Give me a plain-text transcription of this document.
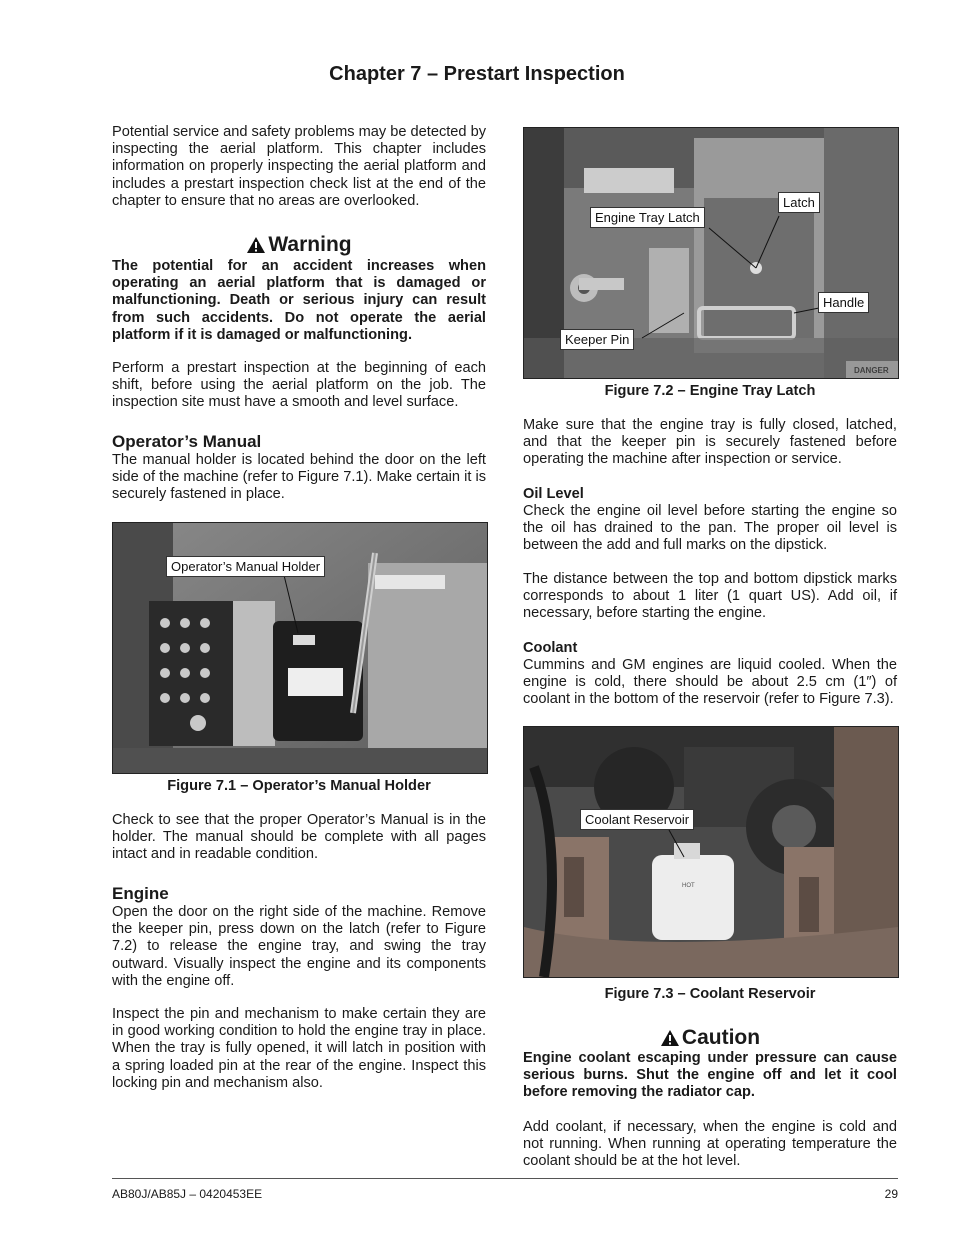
Chapter 7 – Prestart Inspection
Potential service and safety problems may be detected by inspecting the aerial platform. This chapter includes information on properly inspecting the aerial platform and includes a prestart inspection check list at the end of the chapter to ensure that no areas are overlooked.
Warning
The potential for an accident increases when operating an aerial platform that is damaged or malfunctioning. Death or serious injury can result from such accidents. Do not operate the aerial platform if it is damaged or malfunctioning.
Perform a prestart inspection at the beginning of each shift, before using the aerial platform on the job. The inspection site must have a smooth and level surface.
Operator’s Manual
The manual holder is located behind the door on the left side of the machine (refer to Figure 7.1). Make certain it is securely fastened in place.
Operator’s Manual Holder
Figure 7.1 – Operator’s Manual Holder
Check to see that the proper Operator’s Manual is in the holder. The manual should be complete with all pages intact and in readable condition.
Engine
Open the door on the right side of the machine. Remove the keeper pin, press down on the latch (refer to Figure 7.2) to release the engine tray, and swing the tray outward. Visually inspect the engine and its components with the engine off.
Inspect the pin and mechanism to make certain they are in good working condition to hold the engine tray in place. When the tray is fully opened, it will latch in position with a spring loaded pin at the rear of the engine. Inspect this locking pin and mechanism also.
Engine Tray Latch
Latch
Handle
Keeper Pin
Figure 7.2 – Engine Tray Latch
Make sure that the engine tray is fully closed, latched, and that the keeper pin is securely fastened before operating the machine after inspection or service.
Oil Level
Check the engine oil level before starting the engine so the oil has drained to the pan. The proper oil level is between the add and full marks on the dipstick.
The distance between the top and bottom dipstick marks corresponds to about 1 liter (1 quart US). Add oil, if necessary, before starting the engine.
Coolant
Cummins and GM engines are liquid cooled. When the engine is cold, there should be about 2.5 cm (1″) of coolant in the bottom of the reservoir (refer to Figure 7.3).
HOT
Coolant Reservoir
Figure 7.3 – Coolant Reservoir
Caution
Engine coolant escaping under pressure can cause serious burns. Shut the engine off and let it cool before removing the radiator cap.
Add coolant, if necessary, when the engine is cold and not running. When running at operating temperature the coolant should be at the hot level.
AB80J/AB85J – 0420453EE	29
